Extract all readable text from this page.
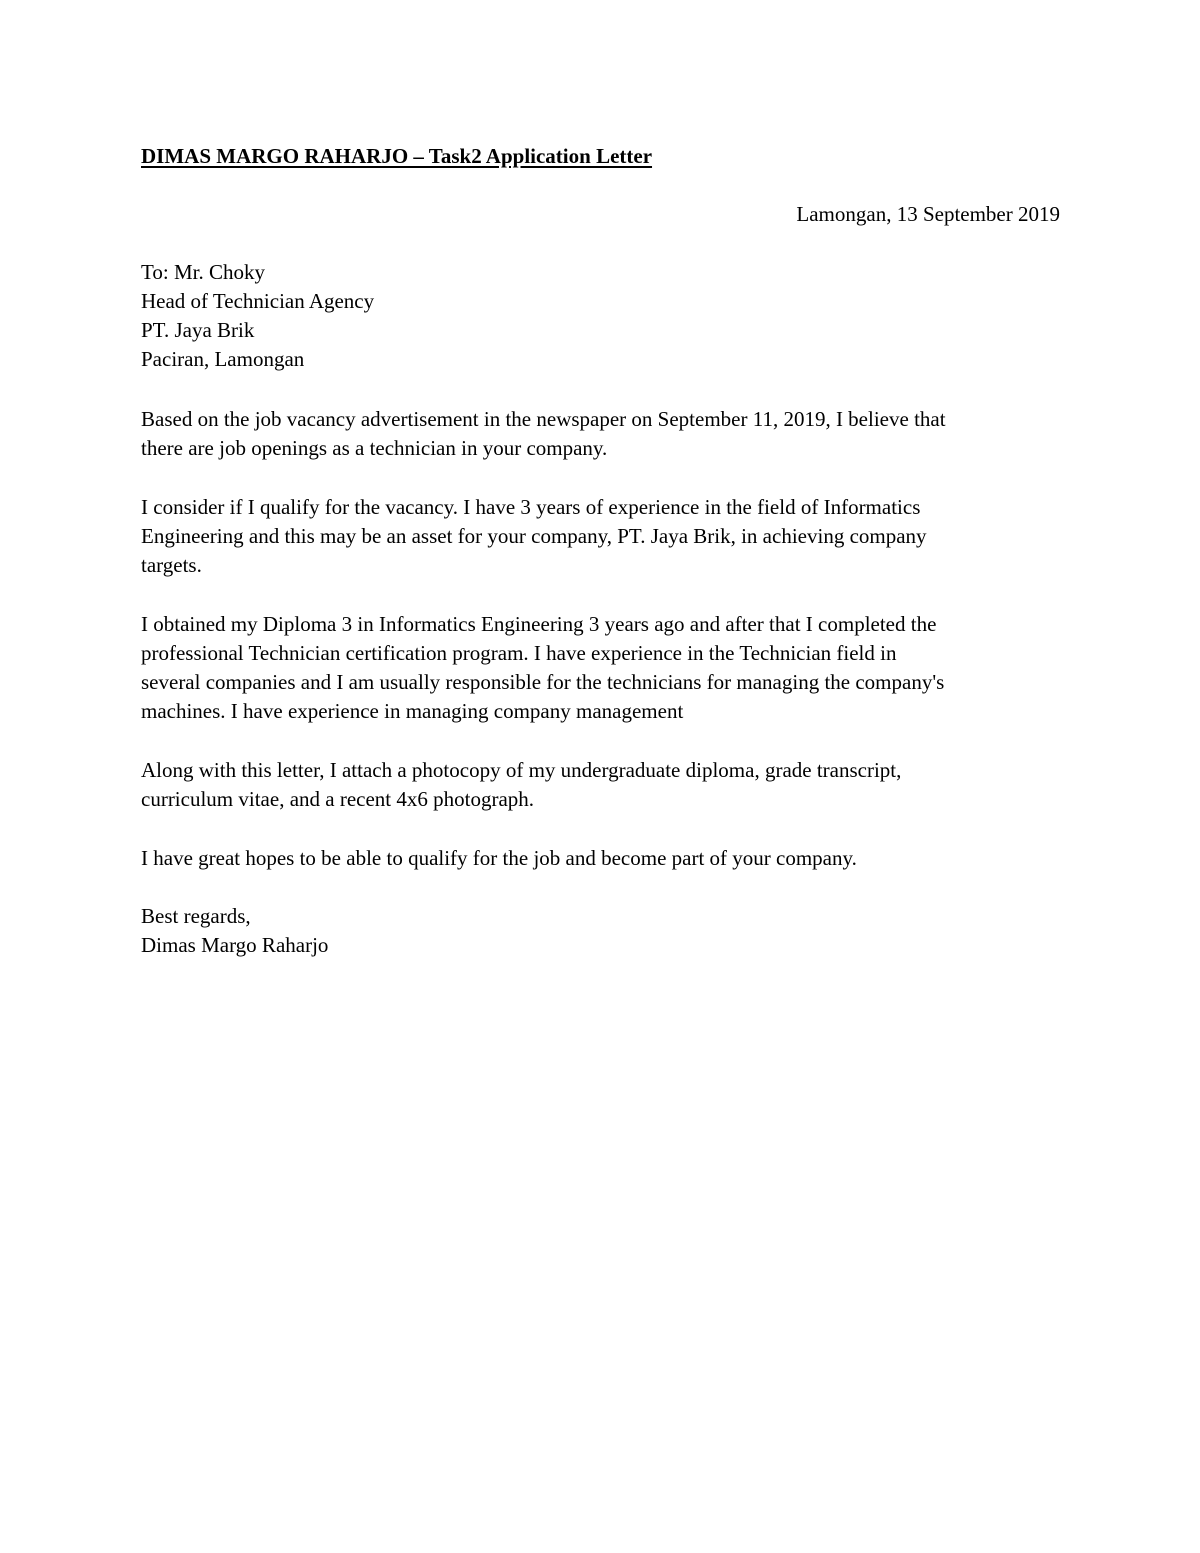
DIMAS MARGO RAHARJO – Task2 Application Letter
Lamongan, 13 September 2019
To: Mr. Choky
Head of Technician Agency
PT. Jaya Brik
Paciran, Lamongan
Based on the job vacancy advertisement in the newspaper on September 11, 2019, I believe that
there are job openings as a technician in your company.
I consider if I qualify for the vacancy. I have 3 years of experience in the field of Informatics
Engineering and this may be an asset for your company, PT. Jaya Brik, in achieving company
targets.
I obtained my Diploma 3 in Informatics Engineering 3 years ago and after that I completed the
professional Technician certification program. I have experience in the Technician field in
several companies and I am usually responsible for the technicians for managing the company's
machines. I have experience in managing company management
Along with this letter, I attach a photocopy of my undergraduate diploma, grade transcript,
curriculum vitae, and a recent 4x6 photograph.
I have great hopes to be able to qualify for the job and become part of your company.
Best regards,
Dimas Margo Raharjo
